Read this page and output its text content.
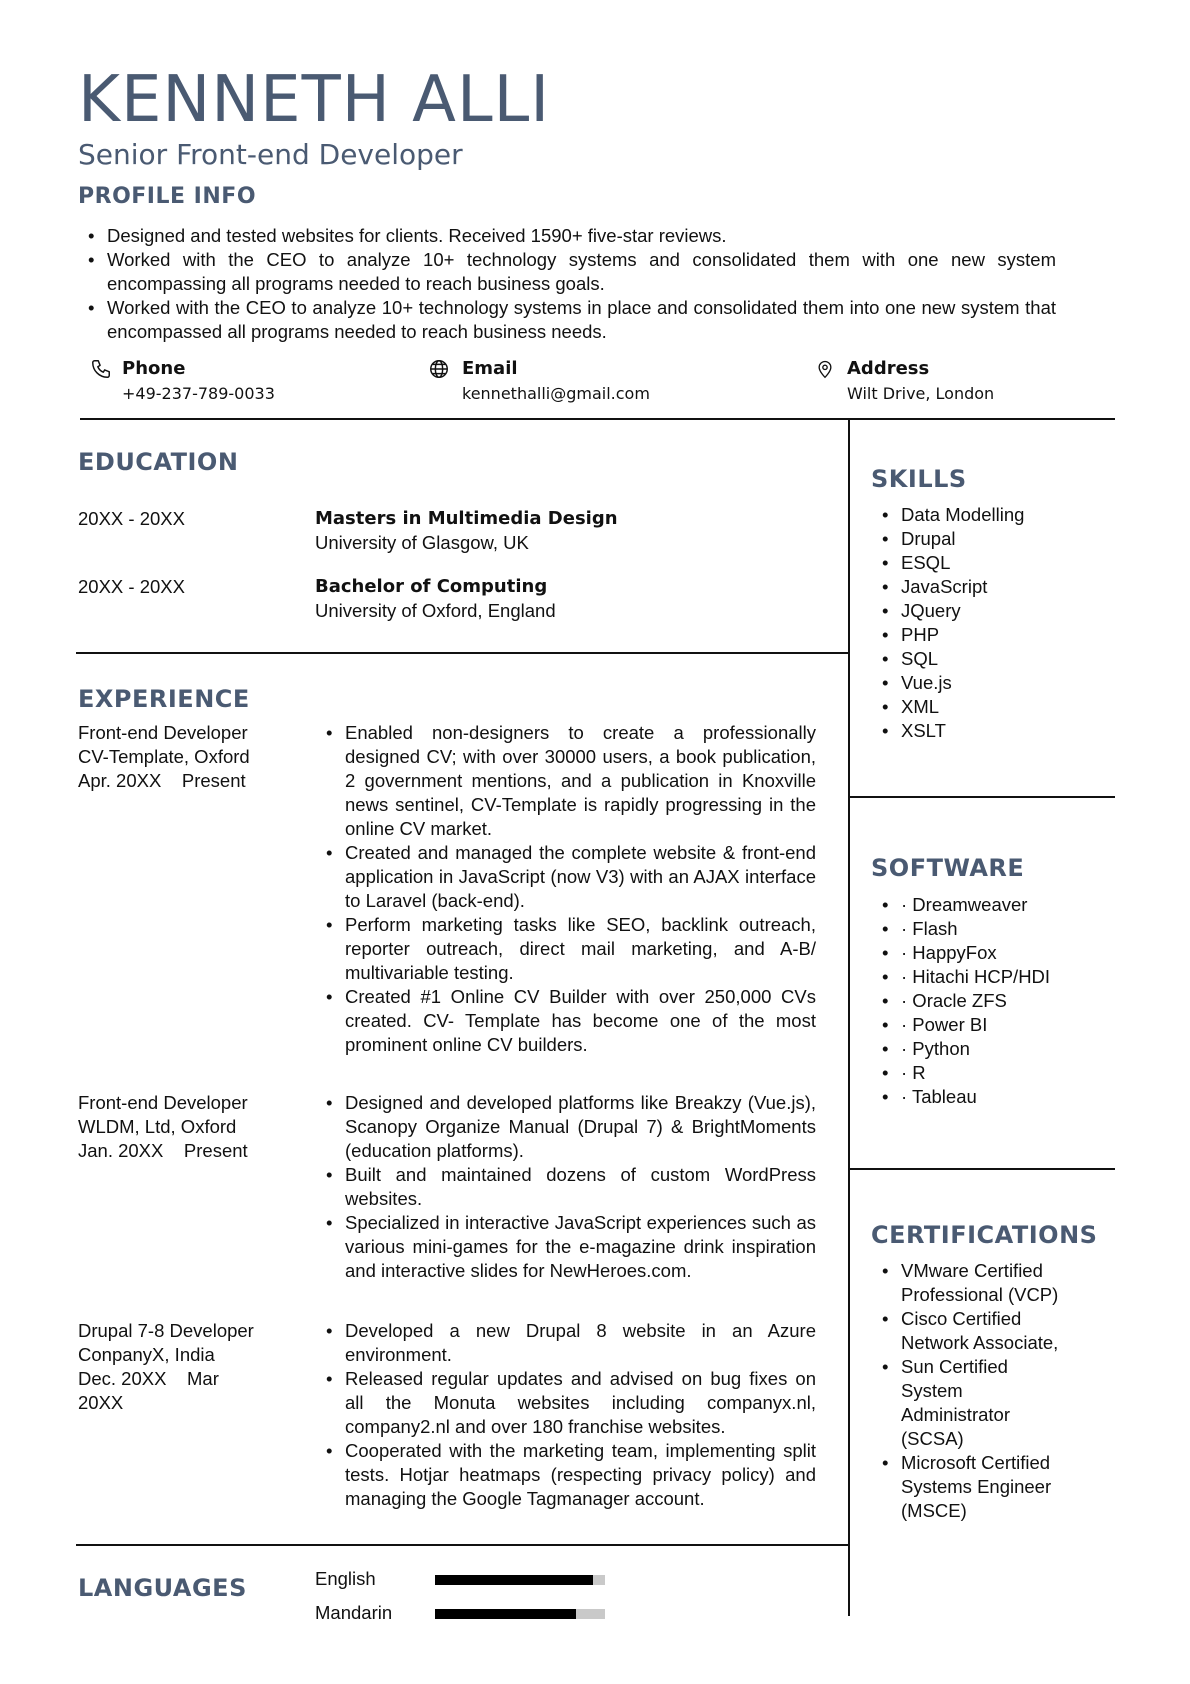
KENNETH ALLI
Senior Front-end Developer
PROFILE INFO
• Designed and tested websites for clients. Received 1590+ five-star reviews.
• Worked with the CEO to analyze 10+ technology systems and consolidated them with one new system encompassing all programs needed to reach business goals.
• Worked with the CEO to analyze 10+ technology systems in place and consolidated them into one new system that encompassed all programs needed to reach business needs.
Phone
+49-237-789-0033
Email
kennethalli@gmail.com
Address
Wilt Drive, London
EDUCATION
20XX - 20XX	Masters in Multimedia Design
University of Glasgow, UK
20XX - 20XX	Bachelor of Computing
University of Oxford, England
EXPERIENCE
Front-end Developer
CV-Template, Oxford
Apr. 20XX    Present
• Enabled non-designers to create a professionally designed CV; with over 30000 users, a book publication, 2 government mentions, and a publication in Knoxville news sentinel, CV-Template is rapidly progressing in the online CV market.
• Created and managed the complete website & front-end application in JavaScript (now V3) with an AJAX interface to Laravel (back-end).
• Perform marketing tasks like SEO, backlink outreach, reporter outreach, direct mail marketing, and A-B/ multivariable testing.
• Created #1 Online CV Builder with over 250,000 CVs created. CV- Template has become one of the most prominent online CV builders.
Front-end Developer
WLDM, Ltd, Oxford
Jan. 20XX    Present
• Designed and developed platforms like Breakzy (Vue.js), Scanopy Organize Manual (Drupal 7) & BrightMoments (education platforms).
• Built and maintained dozens of custom WordPress websites.
• Specialized in interactive JavaScript experiences such as various mini-games for the e-magazine drink inspiration and interactive slides for NewHeroes.com.
Drupal 7-8 Developer
ConpanyX, India
Dec. 20XX    Mar 20XX
• Developed a new Drupal 8 website in an Azure environment.
• Released regular updates and advised on bug fixes on all the Monuta websites including companyx.nl, company2.nl and over 180 franchise websites.
• Cooperated with the marketing team, implementing split tests. Hotjar heatmaps (respecting privacy policy) and managing the Google Tagmanager account.
LANGUAGES	English
Mandarin
SKILLS
• Data Modelling
• Drupal
• ESQL
• JavaScript
• JQuery
• PHP
• SQL
• Vue.js
• XML
• XSLT
SOFTWARE
• · Dreamweaver
• · Flash
• · HappyFox
• · Hitachi HCP/HDI
• · Oracle ZFS
• · Power BI
• · Python
• · R
• · Tableau
CERTIFICATIONS
• VMware Certified Professional (VCP)
• Cisco Certified Network Associate,
• Sun Certified System Administrator (SCSA)
• Microsoft Certified Systems Engineer (MSCE)
